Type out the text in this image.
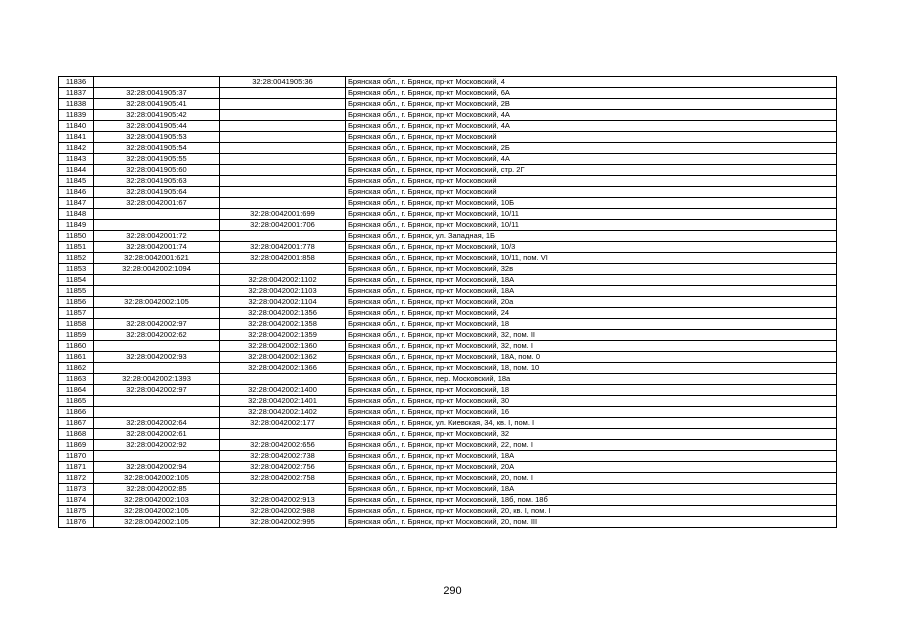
11836		32:28:0041905:36	Брянская обл., г. Брянск, пр-кт Московский, 4
11837	32:28:0041905:37		Брянская обл., г. Брянск, пр-кт Московский, 6А
11838	32:28:0041905:41		Брянская обл., г. Брянск, пр-кт Московский, 2В
11839	32:28:0041905:42		Брянская обл., г. Брянск, пр-кт Московский, 4А
11840	32:28:0041905:44		Брянская обл., г. Брянск, пр-кт Московский, 4А
11841	32:28:0041905:53		Брянская обл., г. Брянск, пр-кт Московский
11842	32:28:0041905:54		Брянская обл., г. Брянск, пр-кт Московский, 2Б
11843	32:28:0041905:55		Брянская обл., г. Брянск, пр-кт Московский, 4А
11844	32:28:0041905:60		Брянская обл., г. Брянск, пр-кт Московский, стр. 2Г
11845	32:28:0041905:63		Брянская обл., г. Брянск, пр-кт Московский
11846	32:28:0041905:64		Брянская обл., г. Брянск, пр-кт Московский
11847	32:28:0042001:67		Брянская обл., г. Брянск, пр-кт Московский, 10Б
11848		32:28:0042001:699	Брянская обл., г. Брянск, пр-кт Московский, 10/11
11849		32:28:0042001:706	Брянская обл., г. Брянск, пр-кт Московский, 10/11
11850	32:28:0042001:72		Брянская обл., г. Брянск, ул. Западная, 1Б
11851	32:28:0042001:74	32:28:0042001:778	Брянская обл., г. Брянск, пр-кт Московский, 10/3
11852	32:28:0042001:621	32:28:0042001:858	Брянская обл., г. Брянск, пр-кт Московский, 10/11, пом. VI
11853	32:28:0042002:1094		Брянская обл., г. Брянск, пр-кт Московский, 32в
11854		32:28:0042002:1102	Брянская обл., г. Брянск, пр-кт Московский, 18А
11855		32:28:0042002:1103	Брянская обл., г. Брянск, пр-кт Московский, 18А
11856	32:28:0042002:105	32:28:0042002:1104	Брянская обл., г. Брянск, пр-кт Московский, 20а
11857		32:28:0042002:1356	Брянская обл., г. Брянск, пр-кт Московский, 24
11858	32:28:0042002:97	32:28:0042002:1358	Брянская обл., г. Брянск, пр-кт Московский, 18
11859	32:28:0042002:62	32:28:0042002:1359	Брянская обл., г. Брянск, пр-кт Московский, 32, пом. II
11860		32:28:0042002:1360	Брянская обл., г. Брянск, пр-кт Московский, 32, пом. I
11861	32:28:0042002:93	32:28:0042002:1362	Брянская обл., г. Брянск, пр-кт Московский, 18А, пом. 0
11862		32:28:0042002:1366	Брянская обл., г. Брянск, пр-кт Московский, 18, пом. 10
11863	32:28:0042002:1393		Брянская обл., г. Брянск, пер. Московский, 18а
11864	32:28:0042002:97	32:28:0042002:1400	Брянская обл., г. Брянск, пр-кт Московский, 18
11865		32:28:0042002:1401	Брянская обл., г. Брянск, пр-кт Московский, 30
11866		32:28:0042002:1402	Брянская обл., г. Брянск, пр-кт Московский, 16
11867	32:28:0042002:64	32:28:0042002:177	Брянская обл., г. Брянск, ул. Киевская, 34, кв. I, пом. I
11868	32:28:0042002:61		Брянская обл., г. Брянск, пр-кт Московский, 32
11869	32:28:0042002:92	32:28:0042002:656	Брянская обл., г. Брянск, пр-кт Московский, 22, пом. I
11870		32:28:0042002:738	Брянская обл., г. Брянск, пр-кт Московский, 18А
11871	32:28:0042002:94	32:28:0042002:756	Брянская обл., г. Брянск, пр-кт Московский, 20А
11872	32:28:0042002:105	32:28:0042002:758	Брянская обл., г. Брянск, пр-кт Московский, 20, пом. I
11873	32:28:0042002:85		Брянская обл., г. Брянск, пр-кт Московский, 18А
11874	32:28:0042002:103	32:28:0042002:913	Брянская обл., г. Брянск, пр-кт Московский, 18б, пом. 18б
11875	32:28:0042002:105	32:28:0042002:988	Брянская обл., г. Брянск, пр-кт Московский, 20, кв. I, пом. I
11876	32:28:0042002:105	32:28:0042002:995	Брянская обл., г. Брянск, пр-кт Московский, 20, пом. III
290
